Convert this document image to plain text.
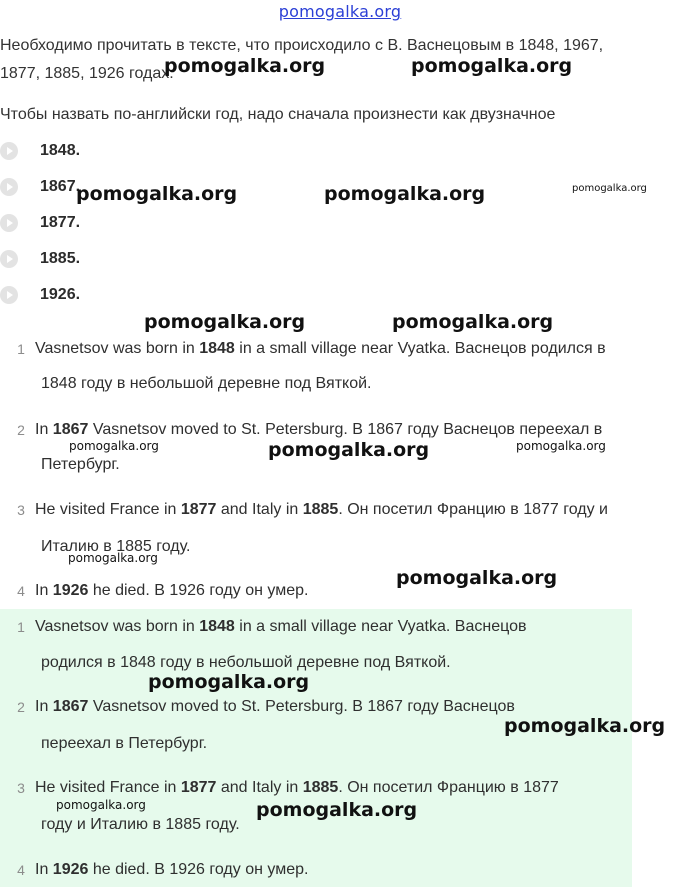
pomogalka.org
Необходимо прочитать в тексте, что происходило с В. Васнецовым в 1848, 1967,
1877, 1885, 1926 годах.
Чтобы назвать по-английски год, надо сначала произнести как двузначное
1848.
1867.
1877.
1885.
1926.
1 Vasnetsov was born in 1848 in a small village near Vyatka. Васнецов родился в
1848 году в небольшой деревне под Вяткой.
2 In 1867 Vasnetsov moved to St. Petersburg. В 1867 году Васнецов переехал в
Петербург.
3 He visited France in 1877 and Italy in 1885. Он посетил Францию в 1877 году и
Италию в 1885 году.
4 In 1926 he died. В 1926 году он умер.
1 Vasnetsov was born in 1848 in a small village near Vyatka. Васнецов
родился в 1848 году в небольшой деревне под Вяткой.
2 In 1867 Vasnetsov moved to St. Petersburg. В 1867 году Васнецов
переехал в Петербург.
3 He visited France in 1877 and Italy in 1885. Он посетил Францию в 1877
году и Италию в 1885 году.
4 In 1926 he died. В 1926 году он умер.
pomogalka.org	pomogalka.org
pomogalka.org	pomogalka.org	pomogalka.org
pomogalka.org	pomogalka.org
pomogalka.org	pomogalka.org	pomogalka.org
pomogalka.org
pomogalka.org
pomogalka.org
pomogalka.org
pomogalka.org	pomogalka.org
